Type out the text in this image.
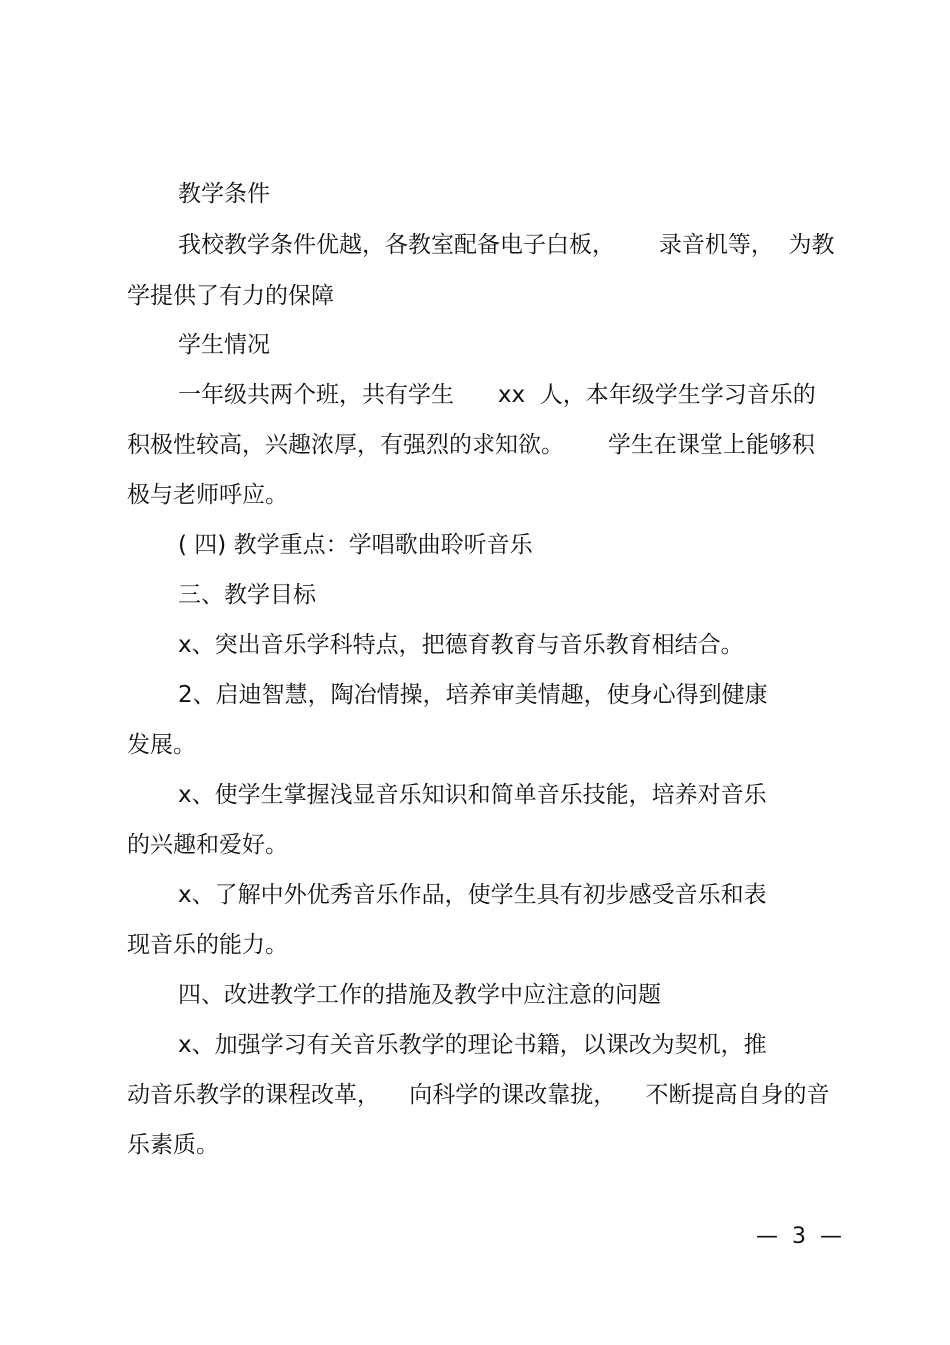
教学条件

我校教学条件优越，各教室配备电子白板，      录音机等，  为教

学提供了有力的保障

学生情况

一年级共两个班，共有学生      xx  人，本年级学生学习音乐的

积极性较高，兴趣浓厚，有强烈的求知欲。      学生在课堂上能够积

极与老师呼应。

( 四) 教学重点：学唱歌曲聆听音乐

三、教学目标

x、突出音乐学科特点，把德育教育与音乐教育相结合。

2、启迪智慧，陶冶情操，培养审美情趣，使身心得到健康

发展。

x、使学生掌握浅显音乐知识和简单音乐技能，培养对音乐

的兴趣和爱好。

x、了解中外优秀音乐作品，使学生具有初步感受音乐和表

现音乐的能力。

四、改进教学工作的措施及教学中应注意的问题

x、加强学习有关音乐教学的理论书籍，以课改为契机，推

动音乐教学的课程改革，    向科学的课改靠拢，    不断提高自身的音

乐素质。

—  3  —
